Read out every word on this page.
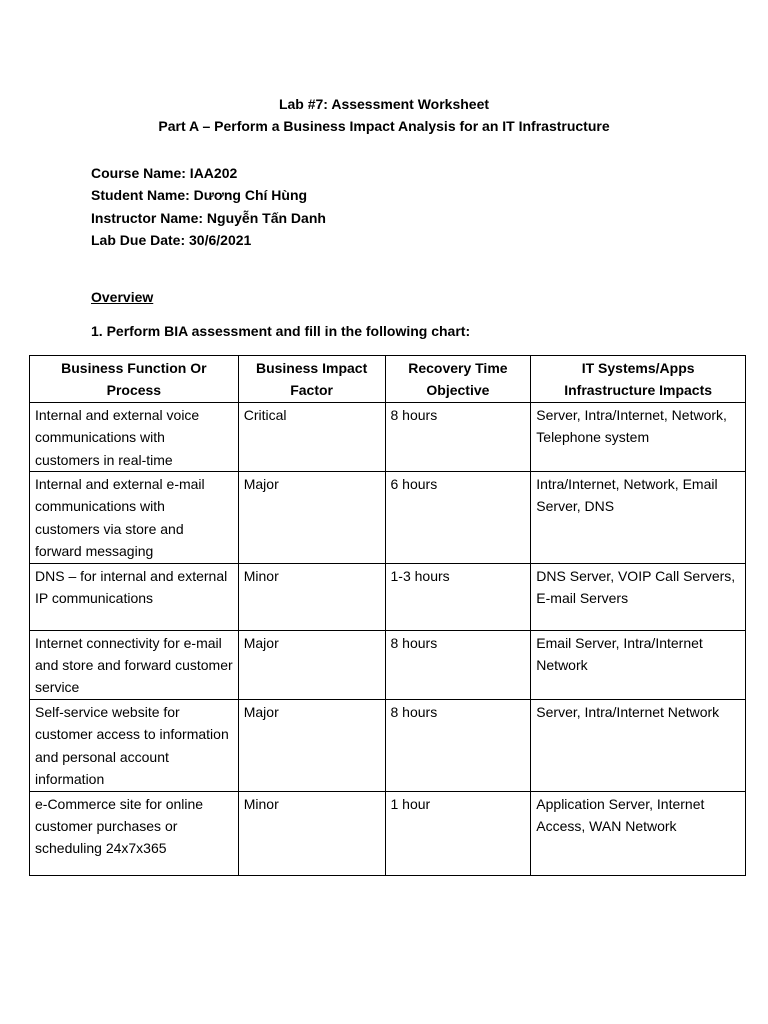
Lab #7: Assessment Worksheet
Part A – Perform a Business Impact Analysis for an IT Infrastructure
Course Name: IAA202
Student Name: Dương Chí Hùng
Instructor Name: Nguyễn Tấn Danh
Lab Due Date: 30/6/2021
Overview
1. Perform BIA assessment and fill in the following chart:
Business Function Or Process	Business Impact Factor	Recovery Time Objective	IT Systems/Apps Infrastructure Impacts
Internal and external voice communications with customers in real-time	Critical	8 hours	Server, Intra/Internet, Network, Telephone system
Internal and external e-mail communications with customers via store and forward messaging	Major	6 hours	Intra/Internet, Network, Email Server, DNS
DNS – for internal and external IP communications	Minor	1-3 hours	DNS Server, VOIP Call Servers, E-mail Servers
Internet connectivity for e-mail and store and forward customer service	Major	8 hours	Email Server, Intra/Internet Network
Self-service website for customer access to information and personal account information	Major	8 hours	Server, Intra/Internet Network
e-Commerce site for online customer purchases or scheduling 24x7x365	Minor	1 hour	Application Server, Internet Access, WAN Network
